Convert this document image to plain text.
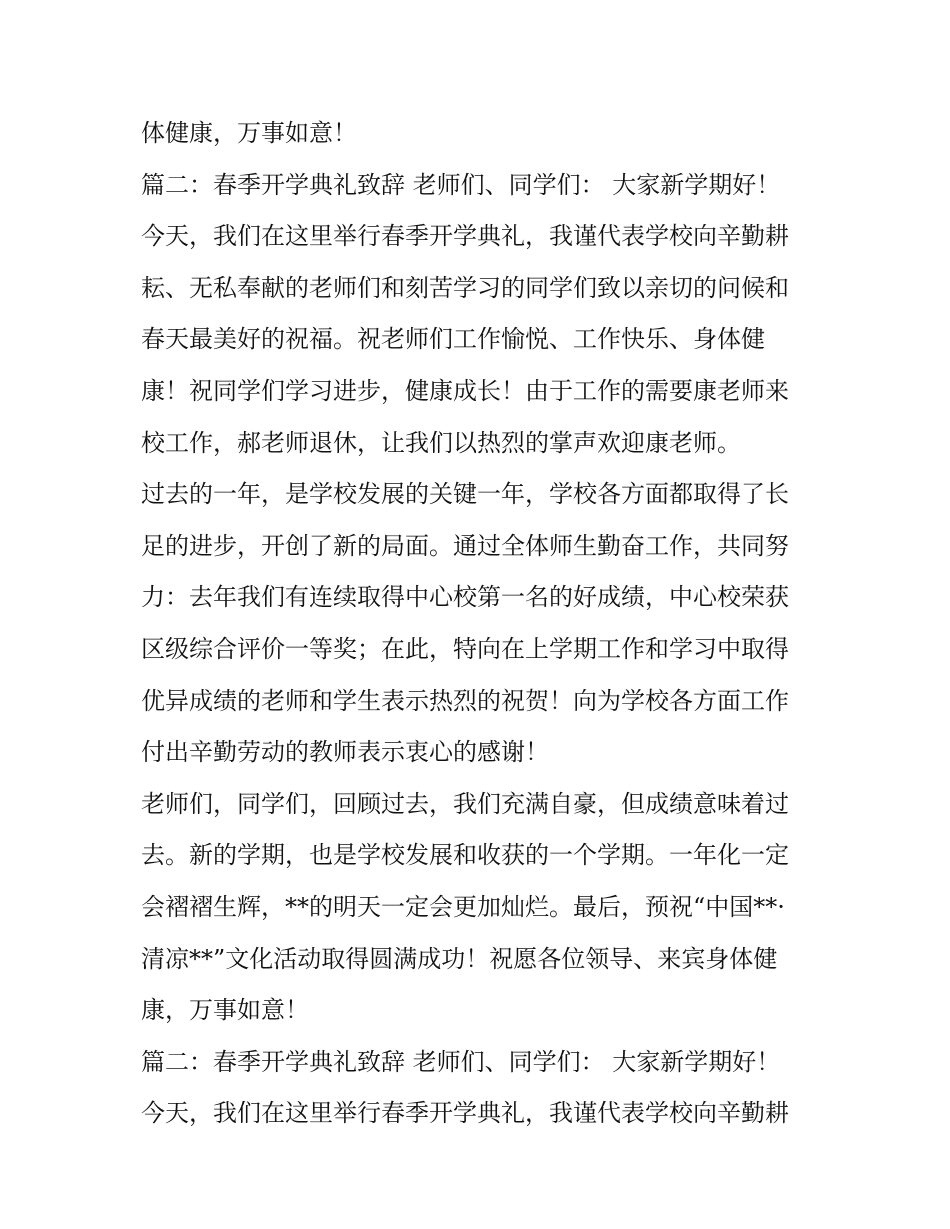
体健康，万事如意！
篇二：春季开学典礼致辞 老师们、同学们： 大家新学期好！
今天，我们在这里举行春季开学典礼，我谨代表学校向辛勤耕
耘、无私奉献的老师们和刻苦学习的同学们致以亲切的问候和
春天最美好的祝福。祝老师们工作愉悦、工作快乐、身体健
康！祝同学们学习进步，健康成长！由于工作的需要康老师来
校工作，郝老师退休，让我们以热烈的掌声欢迎康老师。
过去的一年，是学校发展的关键一年，学校各方面都取得了长
足的进步，开创了新的局面。通过全体师生勤奋工作，共同努
力：去年我们有连续取得中心校第一名的好成绩，中心校荣获
区级综合评价一等奖；在此，特向在上学期工作和学习中取得
优异成绩的老师和学生表示热烈的祝贺！向为学校各方面工作
付出辛勤劳动的教师表示衷心的感谢！
老师们，同学们，回顾过去，我们充满自豪，但成绩意味着过
去。新的学期，也是学校发展和收获的一个学期。一年化一定
会褶褶生辉，**的明天一定会更加灿烂。最后，预祝“中国**·
清凉**”文化活动取得圆满成功！祝愿各位领导、来宾身体健
康，万事如意！
篇二：春季开学典礼致辞 老师们、同学们： 大家新学期好！
今天，我们在这里举行春季开学典礼，我谨代表学校向辛勤耕
